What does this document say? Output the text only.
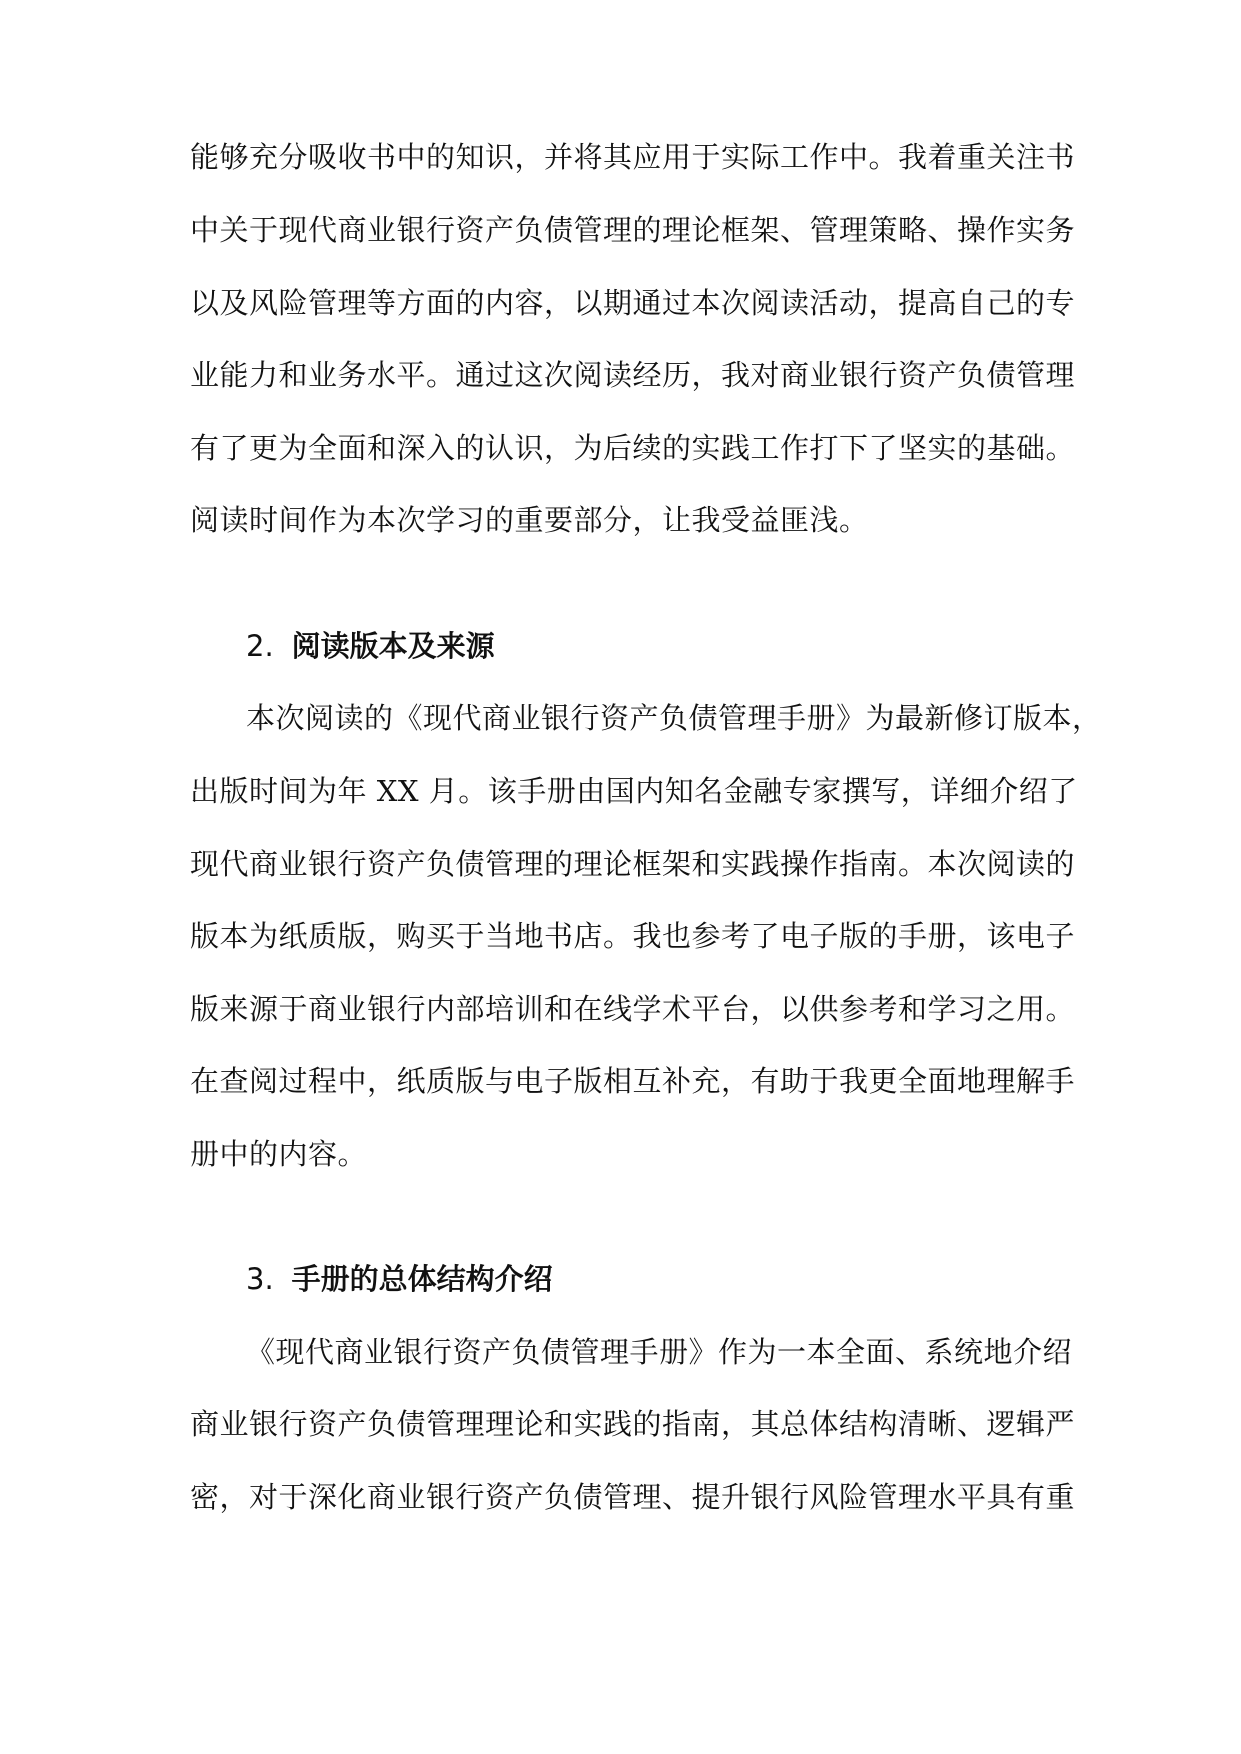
能够充分吸收书中的知识，并将其应用于实际工作中。我着重关注书
中关于现代商业银行资产负债管理的理论框架、管理策略、操作实务
以及风险管理等方面的内容，以期通过本次阅读活动，提高自己的专
业能力和业务水平。通过这次阅读经历，我对商业银行资产负债管理
有了更为全面和深入的认识，为后续的实践工作打下了坚实的基础。
阅读时间作为本次学习的重要部分，让我受益匪浅。
2. 阅读版本及来源
本次阅读的《现代商业银行资产负债管理手册》为最新修订版本，
出版时间为年 XX 月。该手册由国内知名金融专家撰写，详细介绍了
现代商业银行资产负债管理的理论框架和实践操作指南。本次阅读的
版本为纸质版，购买于当地书店。我也参考了电子版的手册，该电子
版来源于商业银行内部培训和在线学术平台，以供参考和学习之用。
在查阅过程中，纸质版与电子版相互补充，有助于我更全面地理解手
册中的内容。
3. 手册的总体结构介绍
《现代商业银行资产负债管理手册》作为一本全面、系统地介绍
商业银行资产负债管理理论和实践的指南，其总体结构清晰、逻辑严
密，对于深化商业银行资产负债管理、提升银行风险管理水平具有重
